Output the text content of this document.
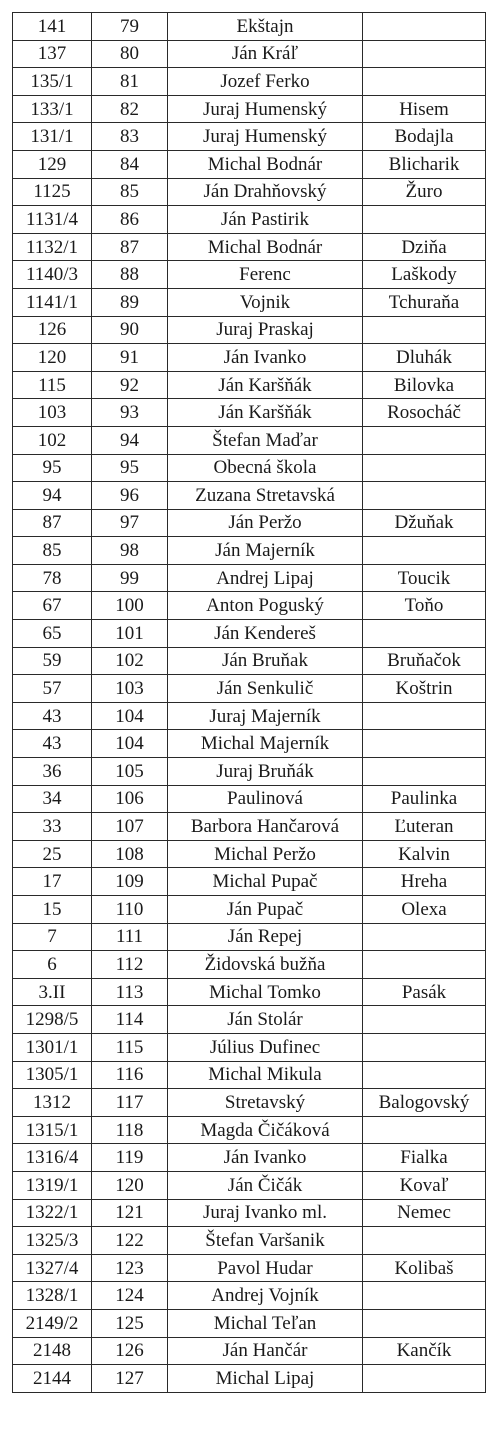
141	79	Ekštajn	
137	80	Ján Kráľ	
135/1	81	Jozef Ferko	
133/1	82	Juraj Humenský	Hisem
131/1	83	Juraj Humenský	Bodajla
129	84	Michal Bodnár	Blicharik
1125	85	Ján Drahňovský	Žuro
1131/4	86	Ján Pastirik	
1132/1	87	Michal Bodnár	Dziňa
1140/3	88	Ferenc	Laškody
1141/1	89	Vojnik	Tchuraňa
126	90	Juraj Praskaj	
120	91	Ján Ivanko	Dluhák
115	92	Ján Karšňák	Bilovka
103	93	Ján Karšňák	Rosocháč
102	94	Štefan Maďar	
95	95	Obecná škola	
94	96	Zuzana Stretavská	
87	97	Ján Peržo	Džuňak
85	98	Ján Majerník	
78	99	Andrej Lipaj	Toucik
67	100	Anton Poguský	Toňo
65	101	Ján Kendereš	
59	102	Ján Bruňak	Bruňačok
57	103	Ján Senkulič	Koštrin
43	104	Juraj Majerník	
43	104	Michal Majerník	
36	105	Juraj Bruňák	
34	106	Paulinová	Paulinka
33	107	Barbora Hančarová	Ľuteran
25	108	Michal Peržo	Kalvin
17	109	Michal Pupač	Hreha
15	110	Ján Pupač	Olexa
7	111	Ján Repej	
6	112	Židovská bužňa	
3.II	113	Michal Tomko	Pasák
1298/5	114	Ján Stolár	
1301/1	115	Július Dufinec	
1305/1	116	Michal Mikula	
1312	117	Stretavský	Balogovský
1315/1	118	Magda Čičáková	
1316/4	119	Ján Ivanko	Fialka
1319/1	120	Ján Čičák	Kovaľ
1322/1	121	Juraj Ivanko ml.	Nemec
1325/3	122	Štefan Varšanik	
1327/4	123	Pavol Hudar	Kolibaš
1328/1	124	Andrej Vojník	
2149/2	125	Michal Teľan	
2148	126	Ján Hančár	Kančík
2144	127	Michal Lipaj	
